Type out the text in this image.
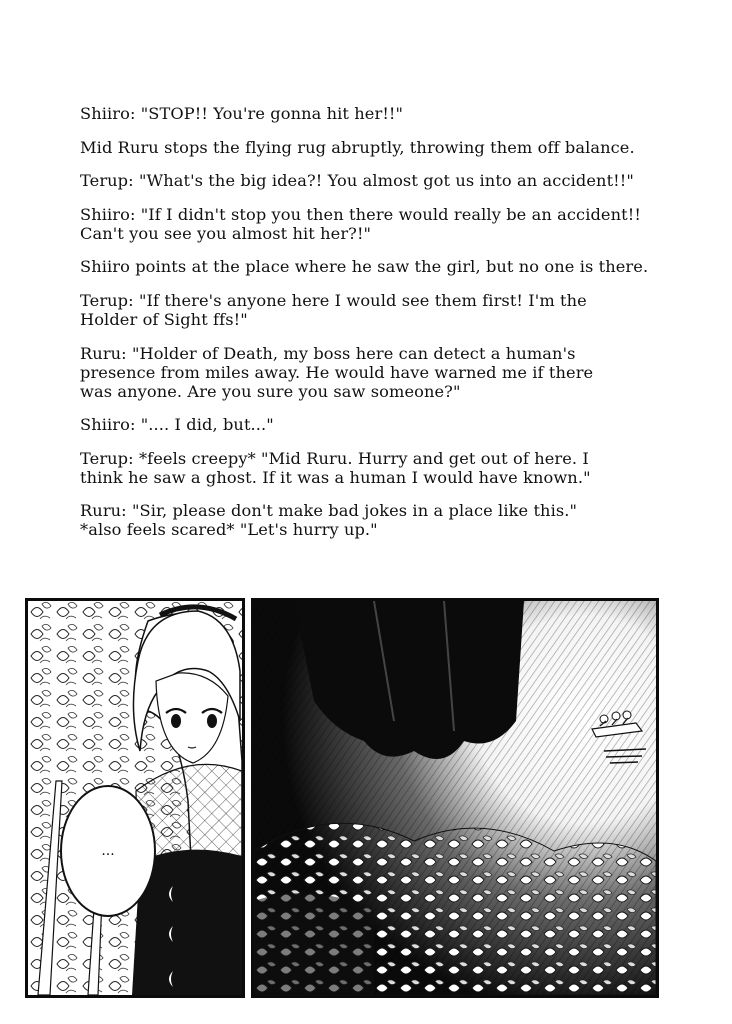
Shiiro: "STOP!! You're gonna hit her!!"

Mid Ruru stops the flying rug abruptly, throwing them off balance.

Terup: "What's the big idea?! You almost got us into an accident!!"

Shiiro: "If I didn't stop you then there would really be an accident!!
Can't you see you almost hit her?!"

Shiiro points at the place where he saw the girl, but no one is there.

Terup: "If there's anyone here I would see them first! I'm the
Holder of Sight ffs!"

Ruru: "Holder of Death, my boss here can detect a human's
presence from miles away. He would have warned me if there
was anyone. Are you sure you saw someone?"

Shiiro: ".... I did, but..."

Terup: *feels creepy* "Mid Ruru. Hurry and get out of here. I
think he saw a ghost. If it was a human I would have known."

Ruru: "Sir, please don't make bad jokes in a place like this."
*also feels scared* "Let's hurry up."

...
